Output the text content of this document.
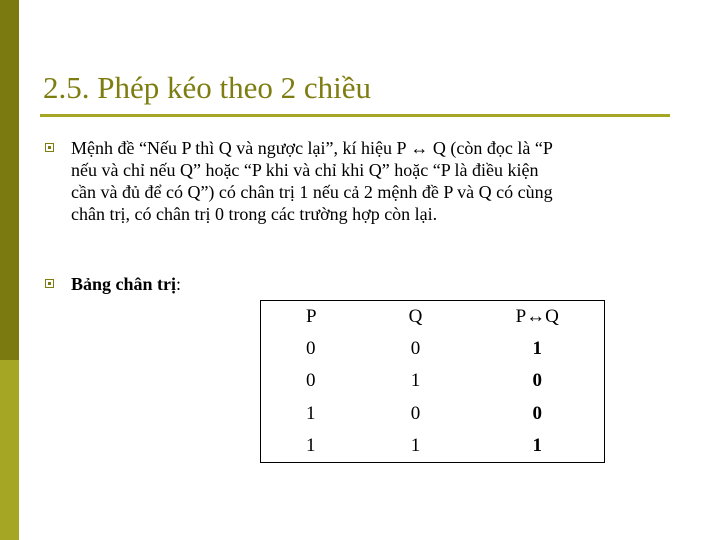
2.5. Phép kéo theo 2 chiều
Mệnh đề “Nếu P thì Q và ngược lại”, kí hiệu P ↔ Q (còn đọc là “P
nếu và chỉ nếu Q” hoặc “P khi và chỉ khi Q” hoặc “P là điều kiện
cần và đủ để có Q”) có chân trị 1 nếu cả 2 mệnh đề P và Q có cùng
chân trị, có chân trị 0 trong các trường hợp còn lại.
Bảng chân trị:
P	Q	P↔Q
0	0	1
0	1	0
1	0	0
1	1	1
